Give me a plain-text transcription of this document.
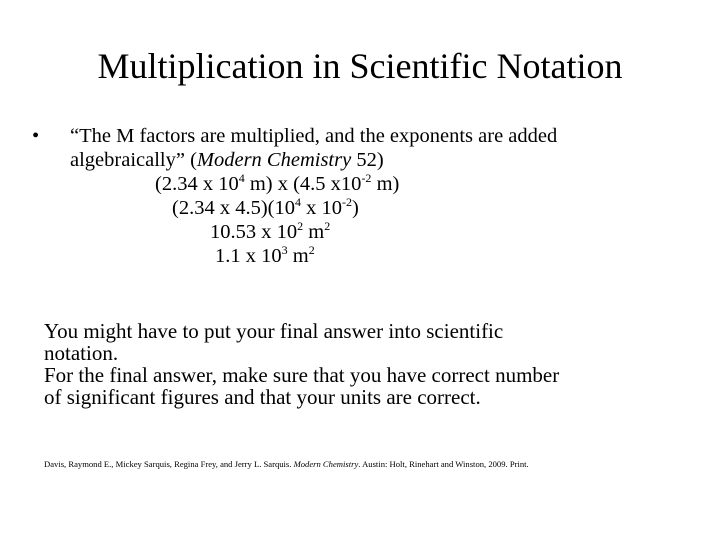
Multiplication in Scientific Notation
• “The M factors are multiplied, and the exponents are added
algebraically” (Modern Chemistry 52)
(2.34 x $10^4$ m) x (4.5 $x10^{-2}$ m)
(2.34 x $4.5)(10^4$ x $10^{-2}$)
10.53 x $10^2$ $m^2$
1.1 x $10^3$ $m^2$
You might have to put your final answer into scientific
notation.
For the final answer, make sure that you have correct number
of significant figures and that your units are correct.
Davis, Raymond E., Mickey Sarquis, Regina Frey, and Jerry L. Sarquis. Modern Chemistry. Austin: Holt, Rinehart and Winston, 2009. Print.
